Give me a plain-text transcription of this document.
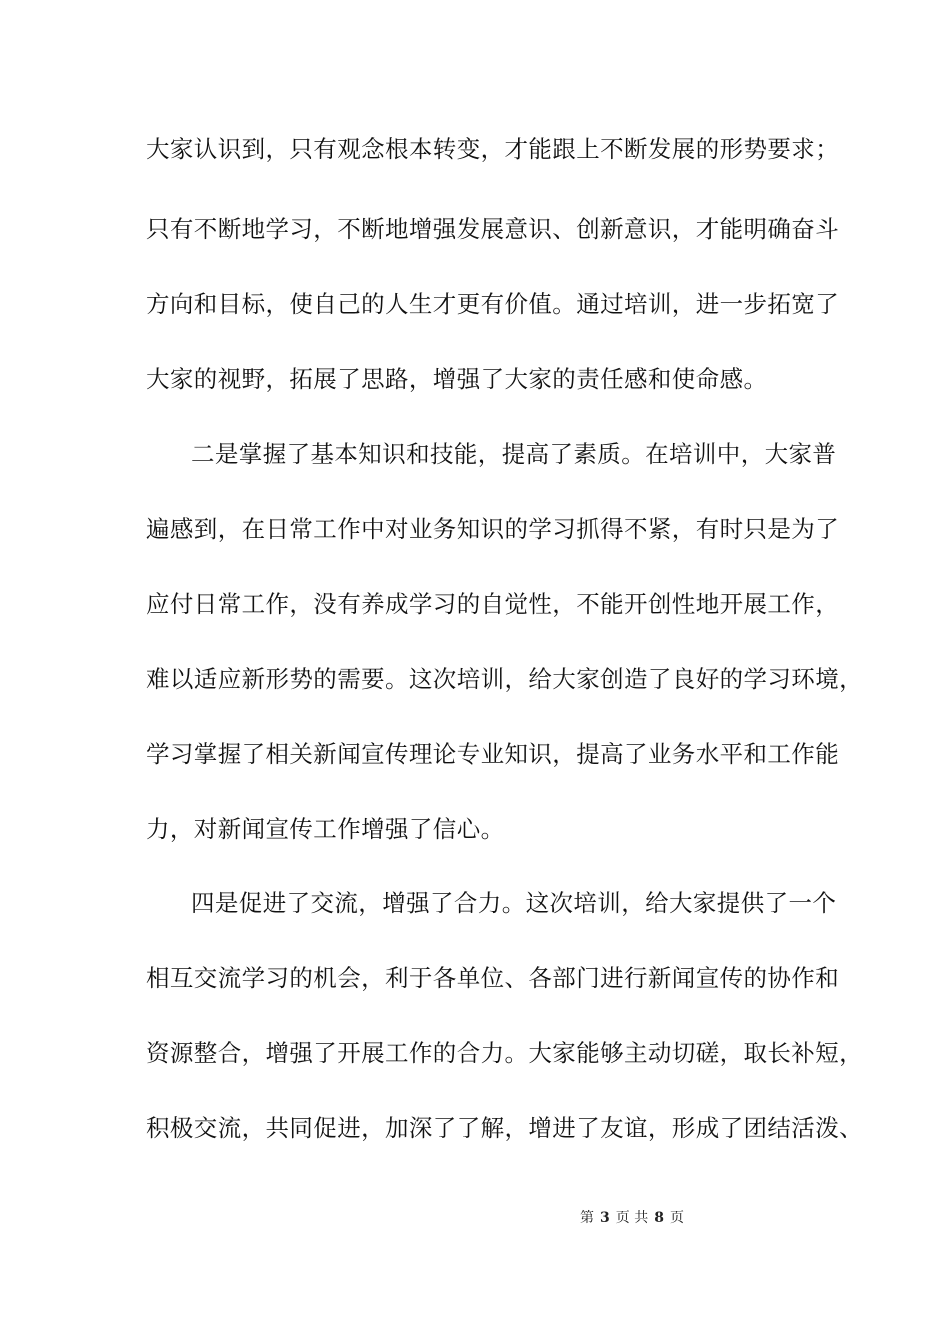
大家认识到，只有观念根本转变，才能跟上不断发展的形势要求；
只有不断地学习，不断地增强发展意识、创新意识，才能明确奋斗
方向和目标，使自己的人生才更有价值。通过培训，进一步拓宽了
大家的视野，拓展了思路，增强了大家的责任感和使命感。
二是掌握了基本知识和技能，提高了素质。在培训中，大家普
遍感到，在日常工作中对业务知识的学习抓得不紧，有时只是为了
应付日常工作，没有养成学习的自觉性，不能开创性地开展工作，
难以适应新形势的需要。这次培训，给大家创造了良好的学习环境，
学习掌握了相关新闻宣传理论专业知识，提高了业务水平和工作能
力，对新闻宣传工作增强了信心。
四是促进了交流，增强了合力。这次培训，给大家提供了一个
相互交流学习的机会，利于各单位、各部门进行新闻宣传的协作和
资源整合，增强了开展工作的合力。大家能够主动切磋，取长补短，
积极交流，共同促进，加深了了解，增进了友谊，形成了团结活泼、
第 3 页 共 8 页
